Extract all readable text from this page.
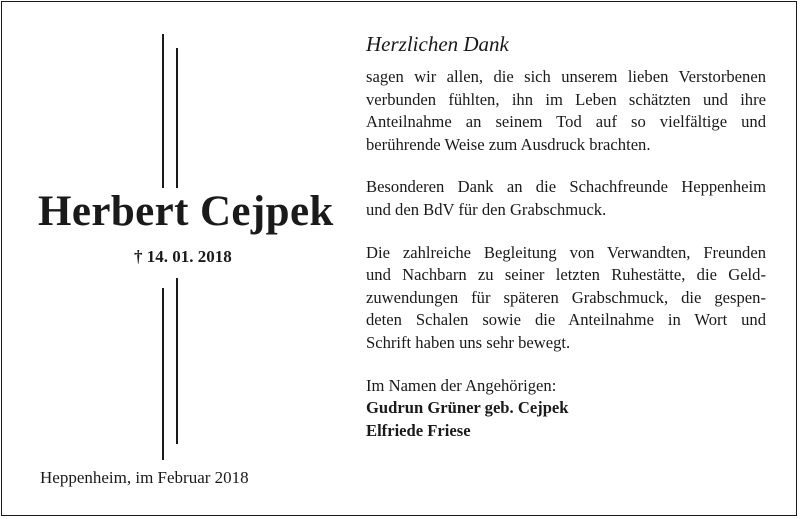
Herbert Cejpek
† 14. 01. 2018
Heppenheim, im Februar 2018
Herzlichen Dank
sagen wir allen, die sich unserem lieben Verstorbenen
verbunden fühlten, ihn im Leben schätzten und ihre
Anteilnahme an seinem Tod auf so vielfältige und
berührende Weise zum Ausdruck brachten.
Besonderen Dank an die Schachfreunde Heppenheim
und den BdV für den Grabschmuck.
Die zahlreiche Begleitung von Verwandten, Freunden
und Nachbarn zu seiner letzten Ruhestätte, die Geld-
zuwendungen für späteren Grabschmuck, die gespen-
deten Schalen sowie die Anteilnahme in Wort und
Schrift haben uns sehr bewegt.
Im Namen der Angehörigen:
Gudrun Grüner geb. Cejpek
Elfriede Friese
